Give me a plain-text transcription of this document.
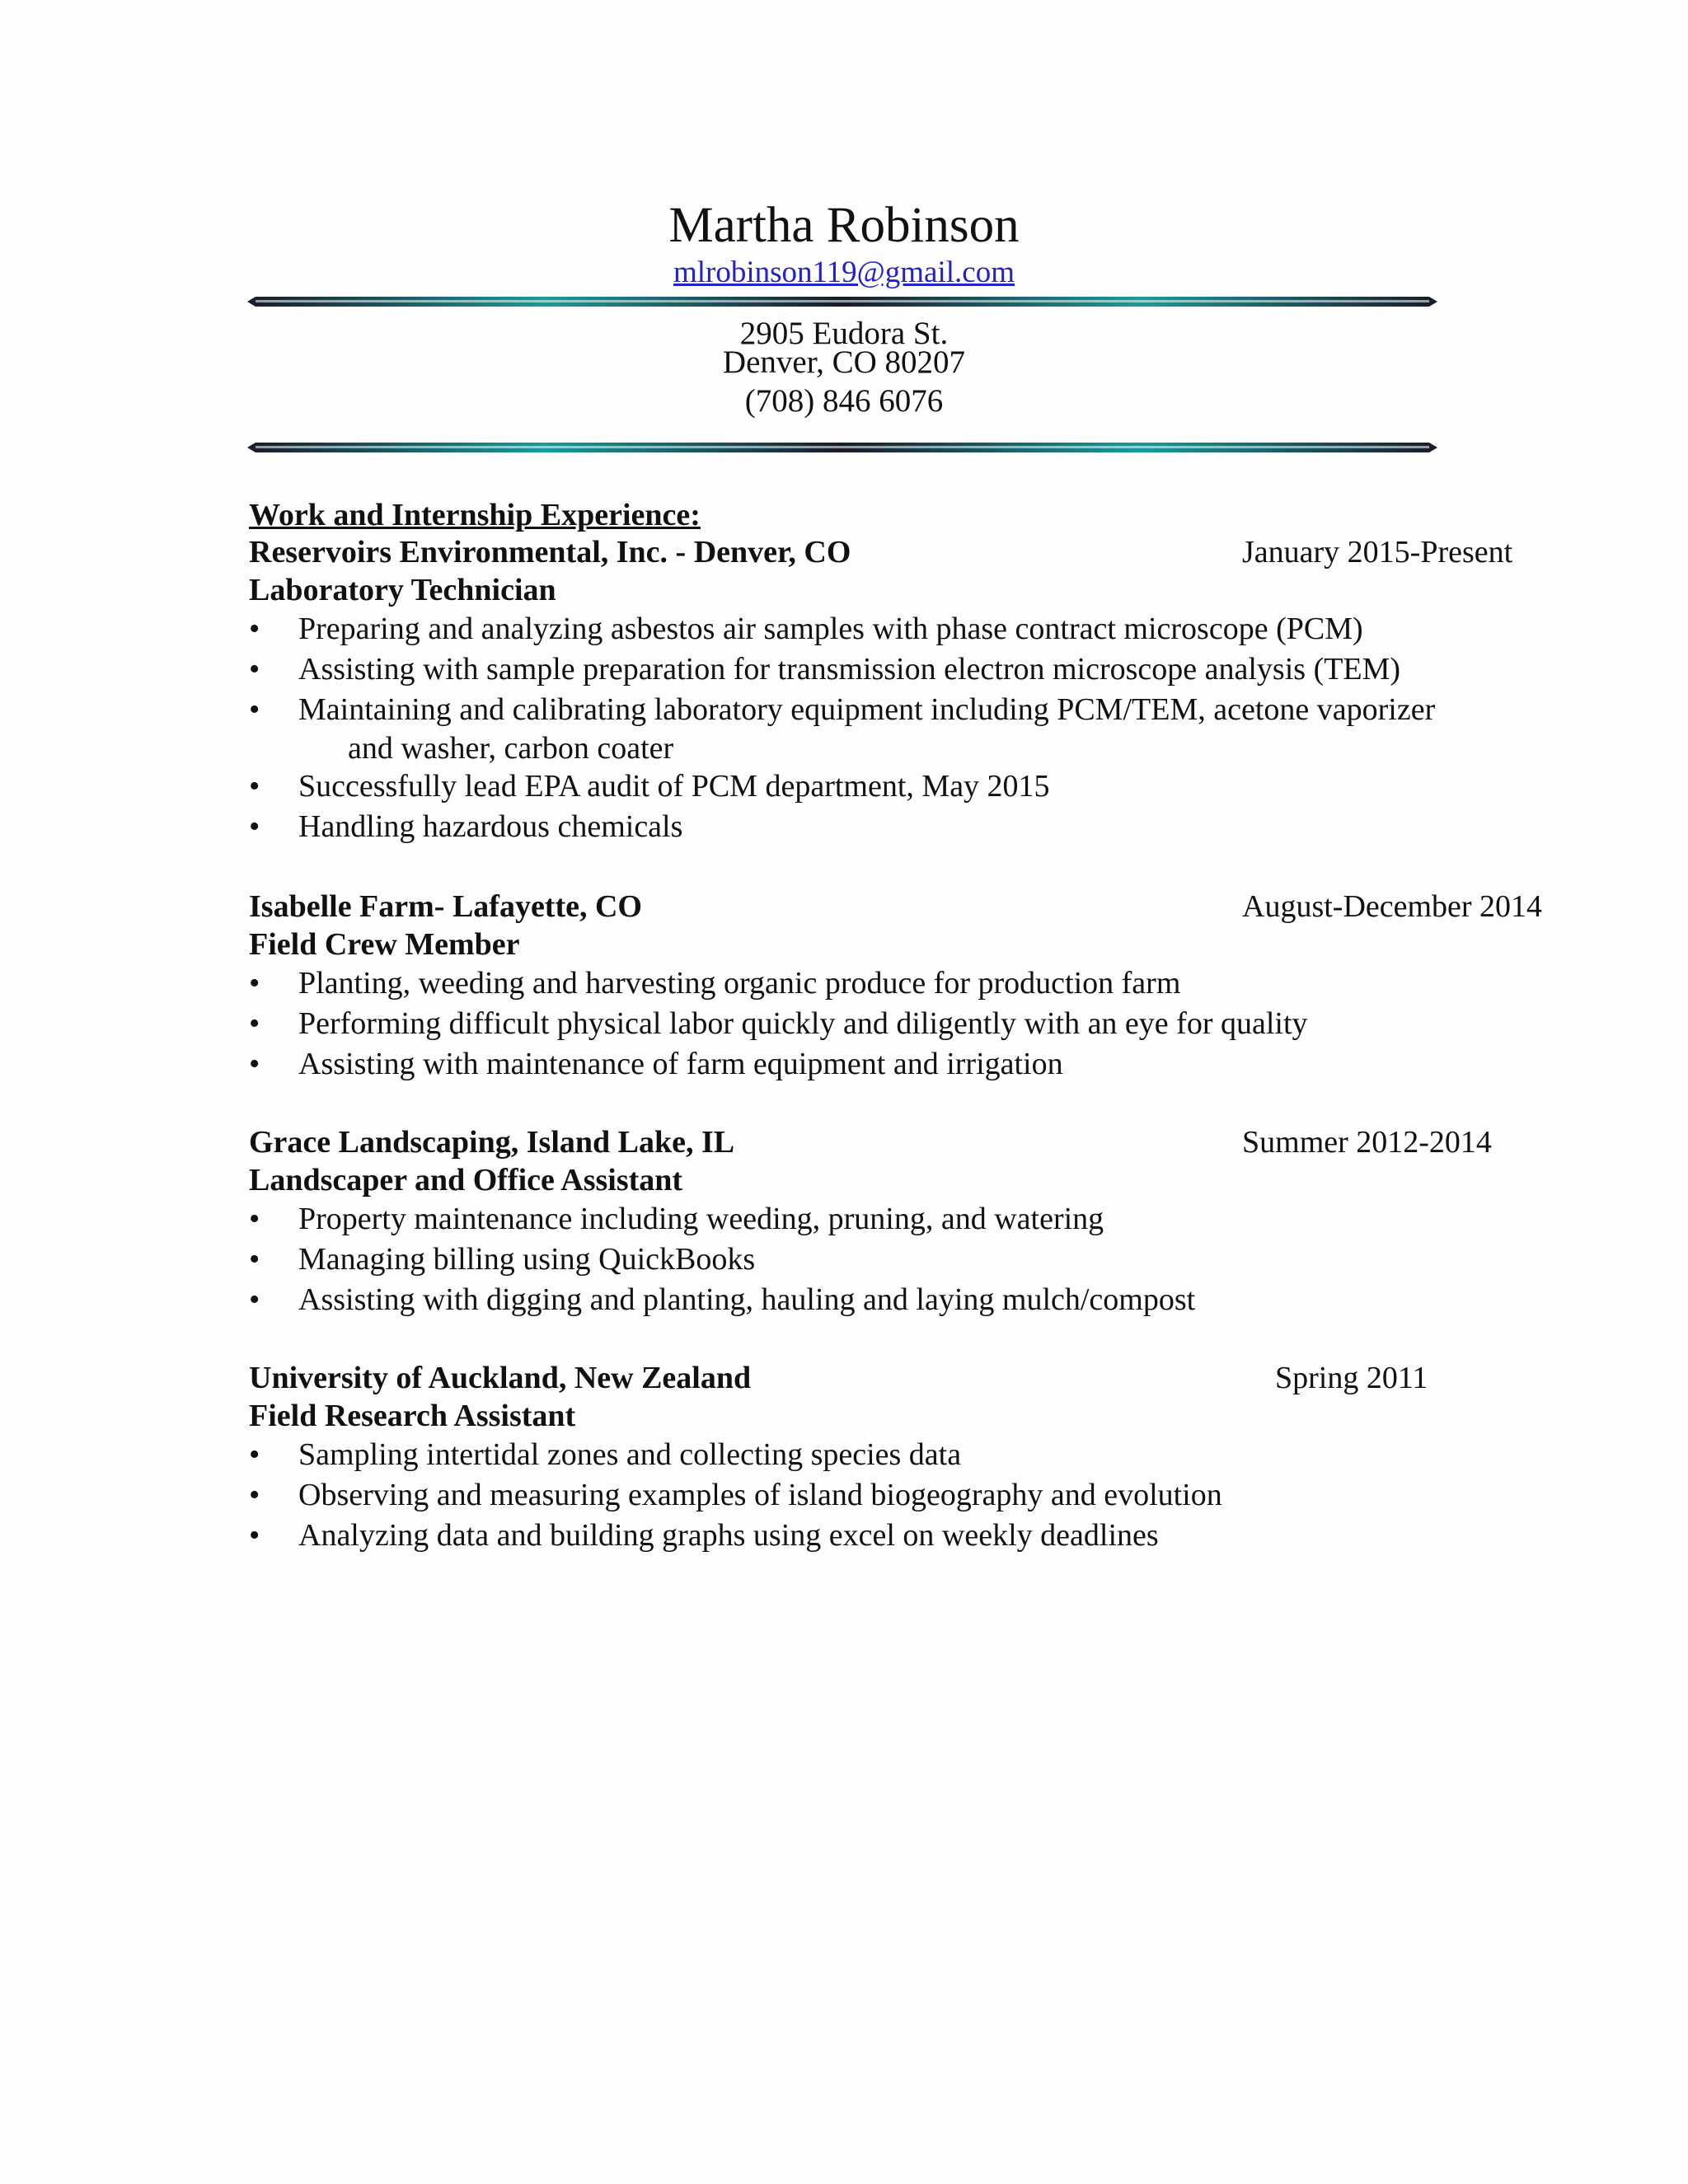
Martha Robinson
mlrobinson119@gmail.com
2905 Eudora St.
Denver, CO 80207
(708) 846 6076
Work and Internship Experience:
Reservoirs Environmental, Inc. - Denver, CO	January 2015-Present
Laboratory Technician
• Preparing and analyzing asbestos air samples with phase contract microscope (PCM)
• Assisting with sample preparation for transmission electron microscope analysis (TEM)
• Maintaining and calibrating laboratory equipment including PCM/TEM, acetone vaporizer
and washer, carbon coater
• Successfully lead EPA audit of PCM department, May 2015
• Handling hazardous chemicals
Isabelle Farm- Lafayette, CO	August-December 2014
Field Crew Member
• Planting, weeding and harvesting organic produce for production farm
• Performing difficult physical labor quickly and diligently with an eye for quality
• Assisting with maintenance of farm equipment and irrigation
Grace Landscaping, Island Lake, IL	Summer 2012-2014
Landscaper and Office Assistant
• Property maintenance including weeding, pruning, and watering
• Managing billing using QuickBooks
• Assisting with digging and planting, hauling and laying mulch/compost
University of Auckland, New Zealand	Spring 2011
Field Research Assistant
• Sampling intertidal zones and collecting species data
• Observing and measuring examples of island biogeography and evolution
• Analyzing data and building graphs using excel on weekly deadlines
